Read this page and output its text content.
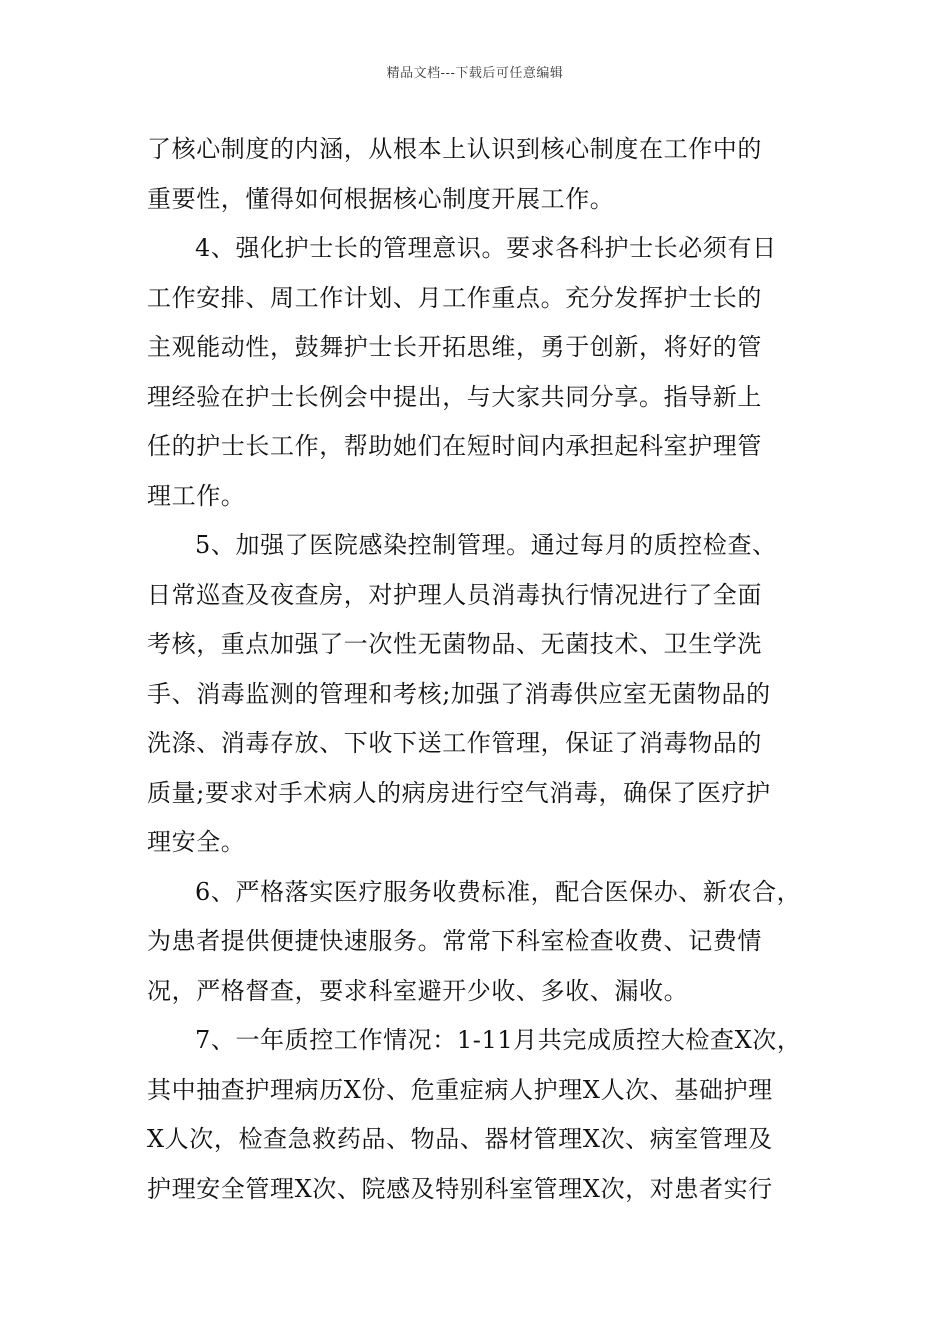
精品文档---下载后可任意编辑
了核心制度的内涵，从根本上认识到核心制度在工作中的
重要性，懂得如何根据核心制度开展工作。
4、强化护士长的管理意识。要求各科护士长必须有日
工作安排、周工作计划、月工作重点。充分发挥护士长的
主观能动性，鼓舞护士长开拓思维，勇于创新，将好的管
理经验在护士长例会中提出，与大家共同分享。指导新上
任的护士长工作，帮助她们在短时间内承担起科室护理管
理工作。
5、加强了医院感染控制管理。通过每月的质控检查、
日常巡查及夜查房，对护理人员消毒执行情况进行了全面
考核，重点加强了一次性无菌物品、无菌技术、卫生学洗
手、消毒监测的管理和考核;加强了消毒供应室无菌物品的
洗涤、消毒存放、下收下送工作管理，保证了消毒物品的
质量;要求对手术病人的病房进行空气消毒，确保了医疗护
理安全。
6、严格落实医疗服务收费标准，配合医保办、新农合，
为患者提供便捷快速服务。常常下科室检查收费、记费情
况，严格督查，要求科室避开少收、多收、漏收。
7、一年质控工作情况：1-11月共完成质控大检查X次，
其中抽查护理病历X份、危重症病人护理X人次、基础护理
X人次，检查急救药品、物品、器材管理X次、病室管理及
护理安全管理X次、院感及特别科室管理X次，对患者实行
